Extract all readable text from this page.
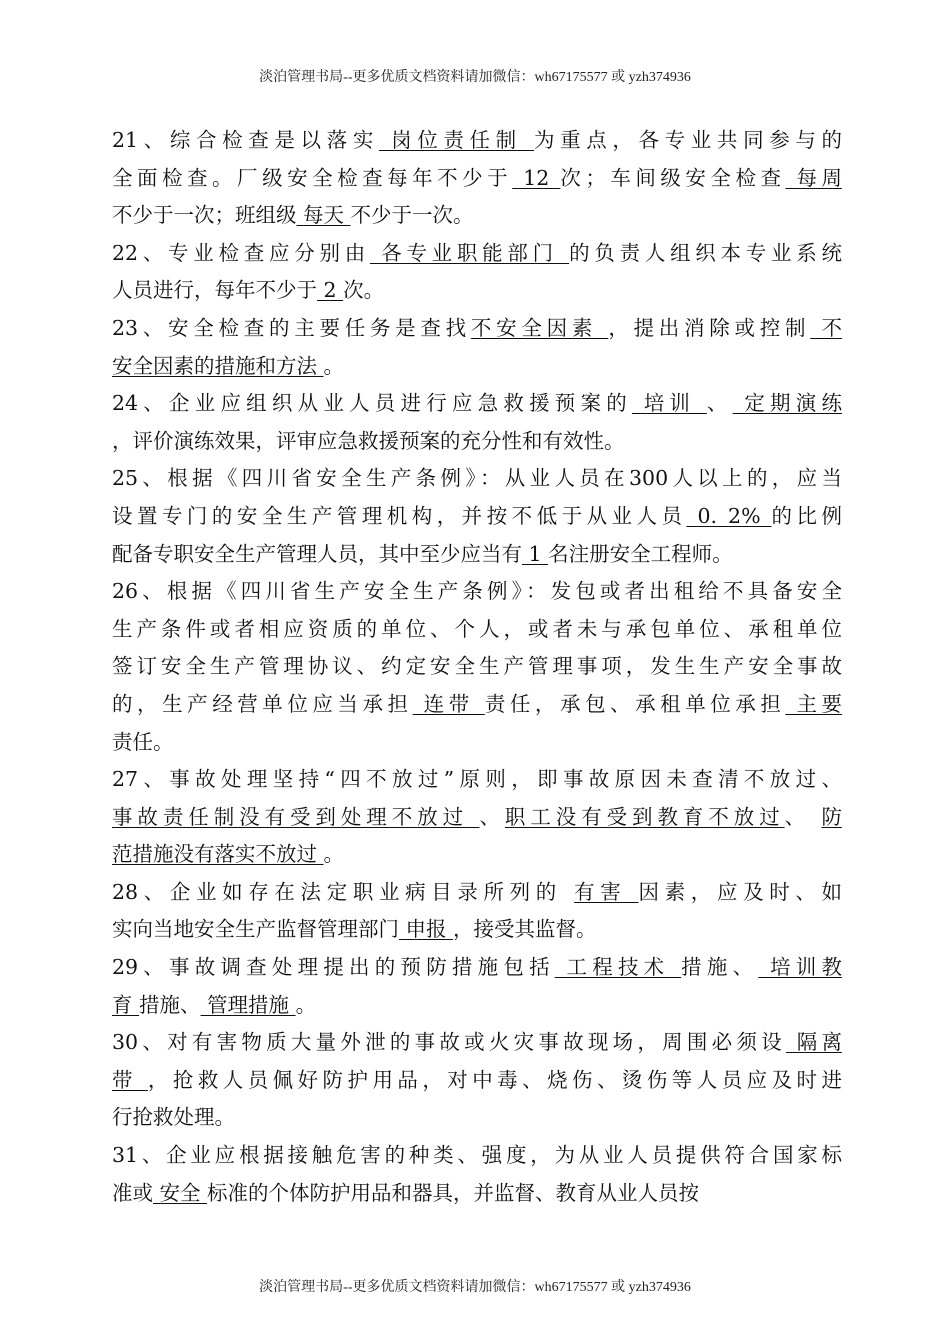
淡泊管理书局--更多优质文档资料请加微信：wh67175577 或 yzh374936
21、综合检查是以落实 岗位责任制 为重点，各专业共同参与的
全面检查。厂级安全检查每年不少于 12 次；车间级安全检查 每周
不少于一次；班组级 每天 不少于一次。
22、专业检查应分别由 各专业职能部门 的负责人组织本专业系统
人员进行，每年不少于 2 次。
23、安全检查的主要任务是查找不安全因素 ，提出消除或控制 不
安全因素的措施和方法 。
24、企业应组织从业人员进行应急救援预案的 培训 、 定期演练
，评价演练效果，评审应急救援预案的充分性和有效性。
25、根据《四川省安全生产条例》：从业人员在300人以上的，应当
设置专门的安全生产管理机构，并按不低于从业人员 0. 2% 的比例
配备专职安全生产管理人员，其中至少应当有 1 名注册安全工程师。
26、根据《四川省生产安全生产条例》：发包或者出租给不具备安全
生产条件或者相应资质的单位、个人，或者未与承包单位、承租单位
签订安全生产管理协议、约定安全生产管理事项，发生生产安全事故
的，生产经营单位应当承担 连带 责任，承包、承租单位承担 主要
责任。
27、事故处理坚持“四不放过”原则，即事故原因未查清不放过、
事故责任制没有受到处理不放过 、职工没有受到教育不放过、 防
范措施没有落实不放过 。
28、企业如存在法定职业病目录所列的 有害 因素，应及时、如
实向当地安全生产监督管理部门 申报 ，接受其监督。
29、事故调查处理提出的预防措施包括 工程技术 措施、 培训教
育 措施、 管理措施 。
30、对有害物质大量外泄的事故或火灾事故现场，周围必须设 隔离
带 ，抢救人员佩好防护用品，对中毒、烧伤、烫伤等人员应及时进
行抢救处理。
31、企业应根据接触危害的种类、强度，为从业人员提供符合国家标
准或 安全 标准的个体防护用品和器具，并监督、教育从业人员按
淡泊管理书局--更多优质文档资料请加微信：wh67175577 或 yzh374936
